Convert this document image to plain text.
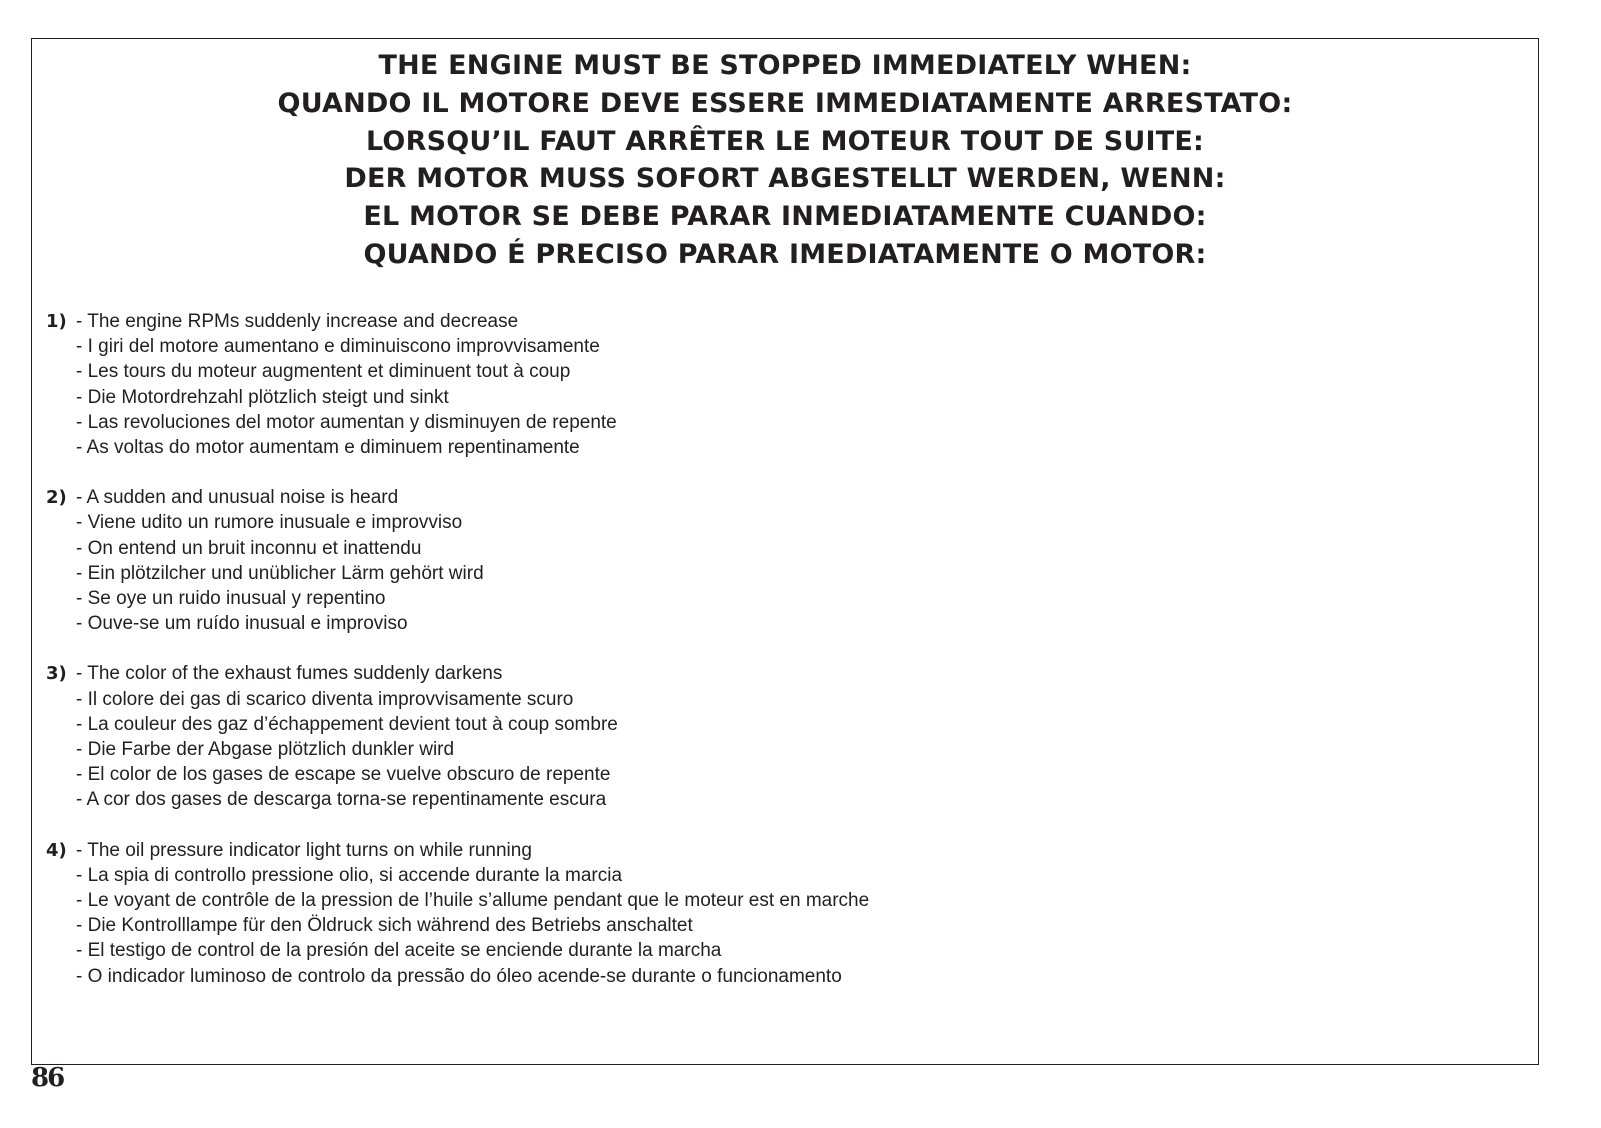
THE ENGINE MUST BE STOPPED IMMEDIATELY WHEN:
QUANDO IL MOTORE DEVE ESSERE IMMEDIATAMENTE ARRESTATO:
LORSQU’IL FAUT ARRÊTER LE MOTEUR TOUT DE SUITE:
DER MOTOR MUSS SOFORT ABGESTELLT WERDEN, WENN:
EL MOTOR SE DEBE PARAR INMEDIATAMENTE CUANDO:
QUANDO É PRECISO PARAR IMEDIATAMENTE O MOTOR:
1) - The engine RPMs suddenly increase and decrease
- I giri del motore aumentano e diminuiscono improvvisamente
- Les tours du moteur augmentent et diminuent tout à coup
- Die Motordrehzahl plötzlich steigt und sinkt
- Las revoluciones del motor aumentan y disminuyen de repente
- As voltas do motor aumentam e diminuem repentinamente
2) - A sudden and unusual noise is heard
- Viene udito un rumore inusuale e improvviso
- On entend un bruit inconnu et inattendu
- Ein plötzilcher und unüblicher Lärm gehört wird
- Se oye un ruido inusual y repentino
- Ouve-se um ruído inusual e improviso
3) - The color of the exhaust fumes suddenly darkens
- Il colore dei gas di scarico diventa improvvisamente scuro
- La couleur des gaz d’échappement devient tout à coup sombre
- Die Farbe der Abgase plötzlich dunkler wird
- El color de los gases de escape se vuelve obscuro de repente
- A cor dos gases de descarga torna-se repentinamente escura
4) - The oil pressure indicator light turns on while running
- La spia di controllo pressione olio, si accende durante la marcia
- Le voyant de contrôle de la pression de l’huile s’allume pendant que le moteur est en marche
- Die Kontrolllampe für den Öldruck sich während des Betriebs anschaltet
- El testigo de control de la presión del aceite se enciende durante la marcha
- O indicador luminoso de controlo da pressão do óleo acende-se durante o funcionamento
86
